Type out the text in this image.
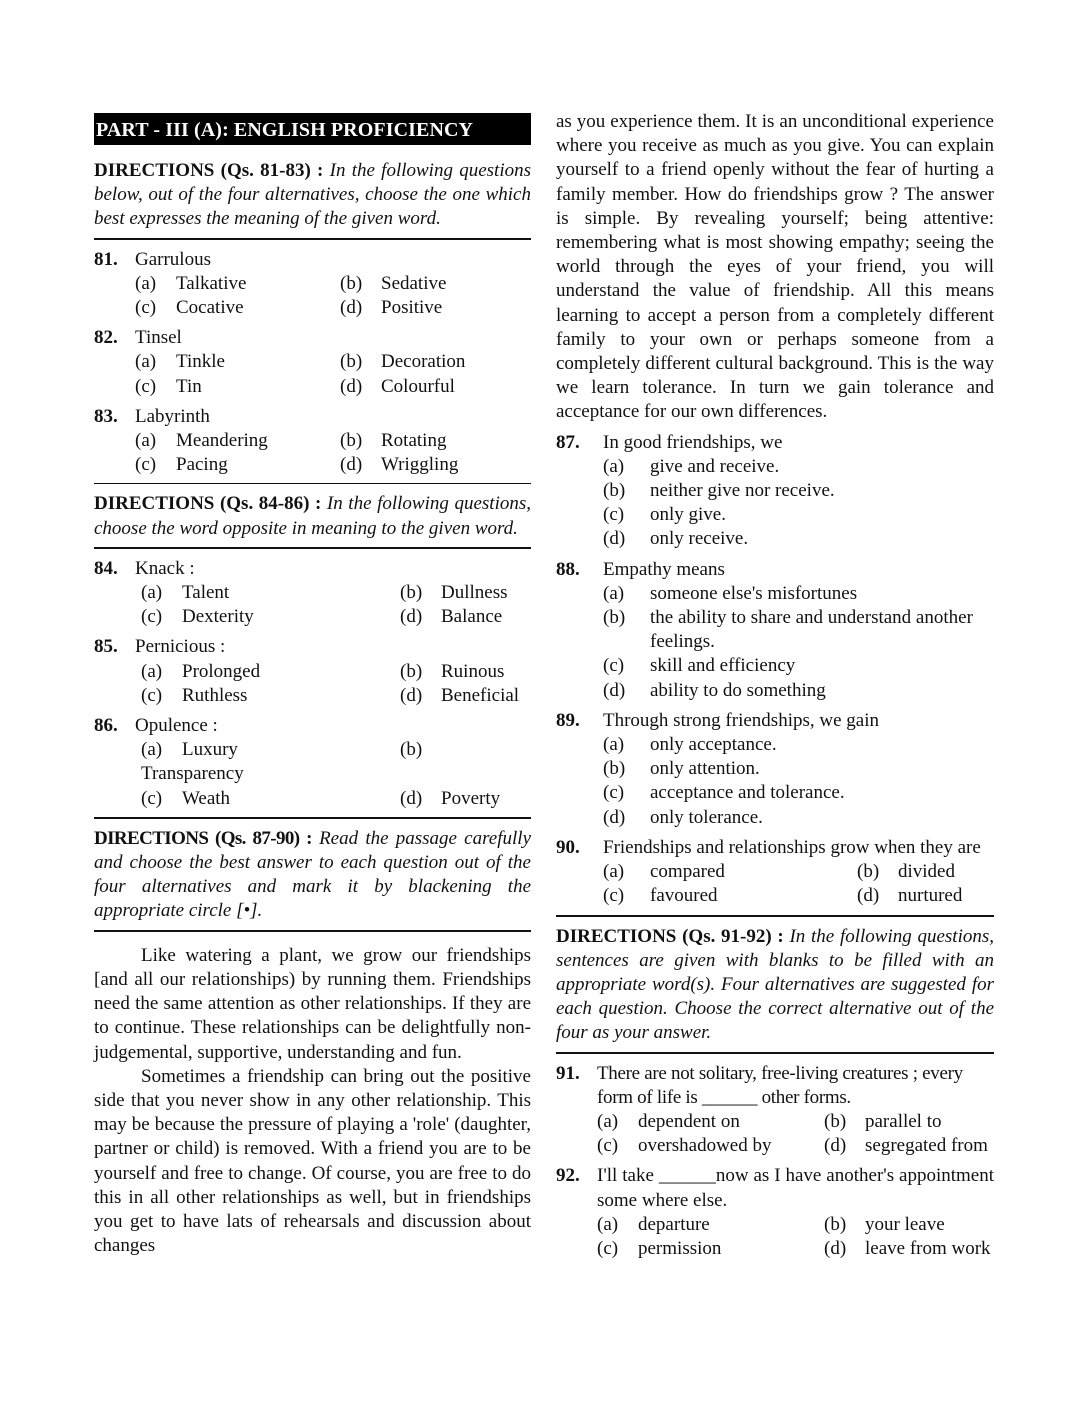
PART - III (A): ENGLISH PROFICIENCY
DIRECTIONS (Qs. 81-83) : In the following questions below, out of the four alternatives, choose the one which best expresses the meaning of the given word.
81. Garrulous
(a)	Talkative	(b) Sedative
(c)	Cocative	(d) Positive
82. Tinsel
(a)	Tinkle	(b) Decoration
(c)	Tin	(d) Colourful
83. Labyrinth
(a)	Meandering	(b) Rotating
(c)	Pacing	(d) Wriggling
DIRECTIONS (Qs. 84-86) : In the following questions, choose the word opposite in meaning to the given word.
84. Knack :
(a)	Talent	(b) Dullness
(c)	Dexterity	(d) Balance
85. Pernicious :
(a)	Prolonged	(b) Ruinous
(c)	Ruthless	(d) Beneficial
86. Opulence :
(a)	Luxury	(b)
Transparency
(c)	Weath	(d) Poverty
DIRECTIONS (Qs. 87-90) : Read the passage carefully and choose the best answer to each question out of the four alternatives and mark it by blackening the appropriate circle [•].

Like watering a plant, we grow our friendships [and all our relationships) by running them. Friendships need the same attention as other relationships. If they are to continue. These relationships can be delightfully non-judgemental, supportive, understanding and fun.

Sometimes a friendship can bring out the positive side that you never show in any other relationship. This may be because the pressure of playing a 'role' (daughter, partner or child) is removed. With a friend you are to be yourself and free to change. Of course, you are free to do this in all other relationships as well, but in friendships you get to have lats of rehearsals and discussion about changes

as you experience them. It is an unconditional experience where you receive as much as you give. You can explain yourself to a friend openly without the fear of hurting a family member. How do friendships grow ? The answer is simple. By revealing yourself; being attentive: remembering what is most showing empathy; seeing the world through the eyes of your friend, you will understand the value of friendship. All this means learning to accept a person from a completely different family to your own or perhaps someone from a completely different cultural background. This is the way we learn tolerance. In turn we gain tolerance and acceptance for our own differences.

87.	In good friendships, we
(a)	give and receive.
(b)	neither give nor receive.
(c)	only give.
(d)	only receive.
88.	Empathy means
(a)	someone else's misfortunes
(b)	the ability to share and understand another feelings.
(c)	skill and efficiency
(d)	ability to do something
89.	Through strong friendships, we gain
(a)	only acceptance.
(b)	only attention.
(c)	acceptance and tolerance.
(d)	only tolerance.
90.	Friendships and relationships grow when they are
(a)	compared	(b) divided
(c)	favoured	(d) nurtured
DIRECTIONS (Qs. 91-92) : In the following questions, sentences are given with blanks to be filled with an appropriate word(s). Four alternatives are suggested for each question. Choose the correct alternative out of the four as your answer.
91. There are not solitary, free-living creatures ; every form of life is ______ other forms.
(a)	dependent on	(b) parallel to
(c)	overshadowed by	(d) segregated from
92. I'll take ______now as I have another's appointment some where else.
(a)	departure	(b) your leave
(c)	permission	(d) leave from work
